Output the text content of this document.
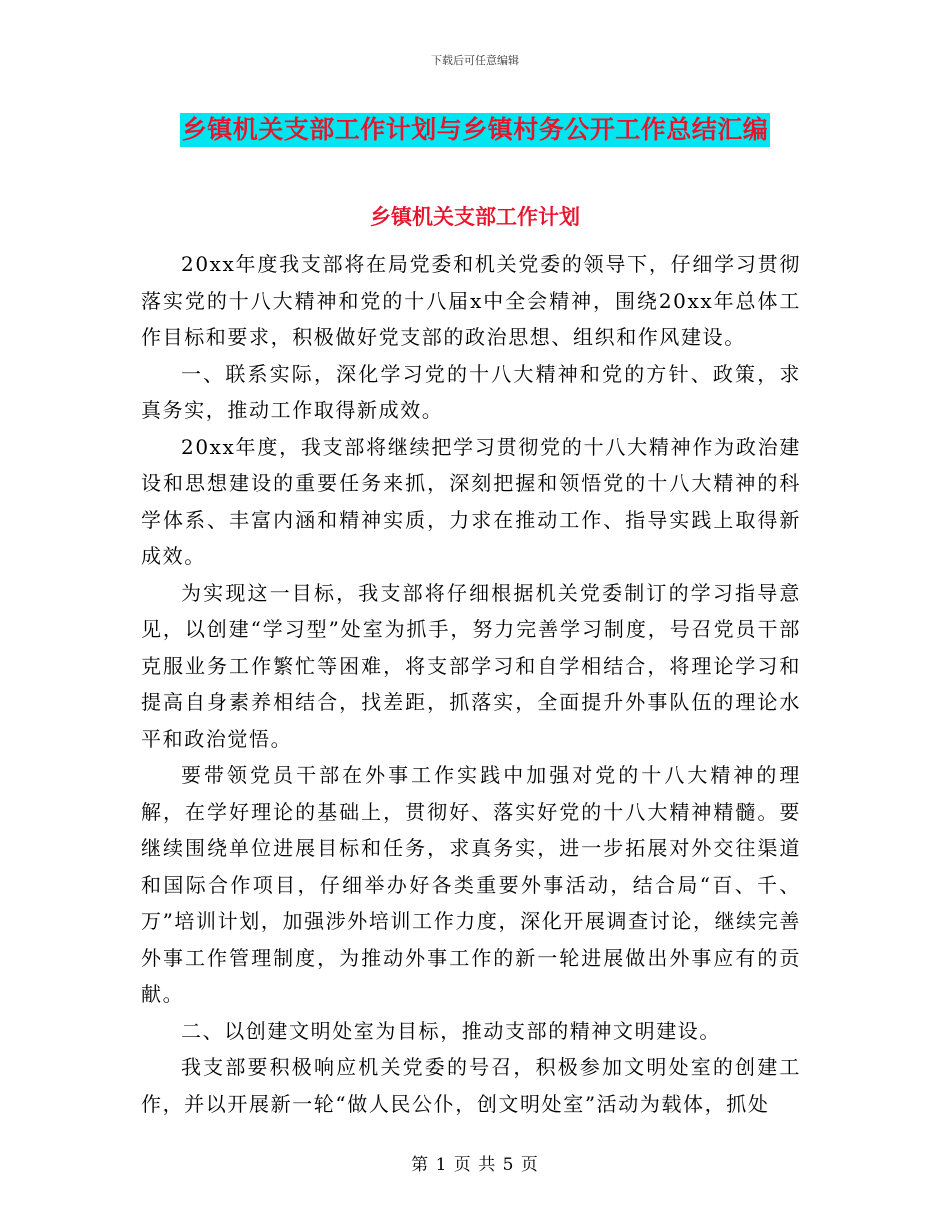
下载后可任意编辑
乡镇机关支部工作计划与乡镇村务公开工作总结汇编
乡镇机关支部工作计划

20xx年度我支部将在局党委和机关党委的领导下，仔细学习贯彻落实党的十八大精神和党的十八届x中全会精神，围绕20xx年总体工作目标和要求，积极做好党支部的政治思想、组织和作风建设。

一、联系实际，深化学习党的十八大精神和党的方针、政策，求真务实，推动工作取得新成效。

20xx年度，我支部将继续把学习贯彻党的十八大精神作为政治建设和思想建设的重要任务来抓，深刻把握和领悟党的十八大精神的科学体系、丰富内涵和精神实质，力求在推动工作、指导实践上取得新成效。

为实现这一目标，我支部将仔细根据机关党委制订的学习指导意见，以创建“学习型”处室为抓手，努力完善学习制度，号召党员干部克服业务工作繁忙等困难，将支部学习和自学相结合，将理论学习和提高自身素养相结合，找差距，抓落实，全面提升外事队伍的理论水平和政治觉悟。

要带领党员干部在外事工作实践中加强对党的十八大精神的理解，在学好理论的基础上，贯彻好、落实好党的十八大精神精髓。要继续围绕单位进展目标和任务，求真务实，进一步拓展对外交往渠道和国际合作项目，仔细举办好各类重要外事活动，结合局“百、千、万”培训计划，加强涉外培训工作力度，深化开展调查讨论，继续完善外事工作管理制度，为推动外事工作的新一轮进展做出外事应有的贡献。

二、以创建文明处室为目标，推动支部的精神文明建设。

我支部要积极响应机关党委的号召，积极参加文明处室的创建工作，并以开展新一轮“做人民公仆，创文明处室”活动为载体，抓处

第 1 页 共 5 页
